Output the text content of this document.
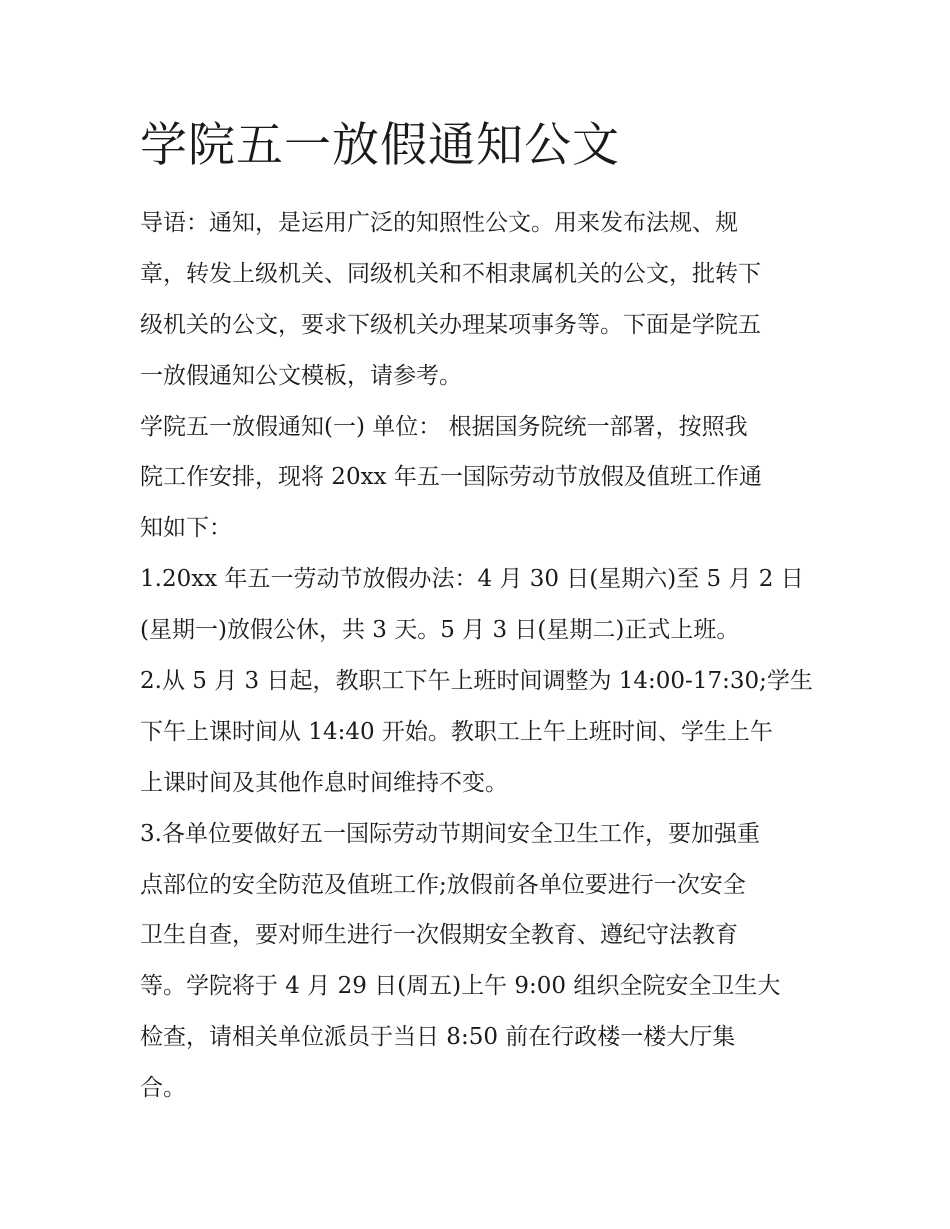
学院五一放假通知公文
导语：通知，是运用广泛的知照性公文。用来发布法规、规
章，转发上级机关、同级机关和不相隶属机关的公文，批转下
级机关的公文，要求下级机关办理某项事务等。下面是学院五
一放假通知公文模板，请参考。
学院五一放假通知(一) 单位： 根据国务院统一部署，按照我
院工作安排，现将 20xx 年五一国际劳动节放假及值班工作通
知如下：
1.20xx 年五一劳动节放假办法：4 月 30 日(星期六)至 5 月 2 日
(星期一)放假公休，共 3 天。5 月 3 日(星期二)正式上班。
2.从 5 月 3 日起，教职工下午上班时间调整为 14:00-17:30;学生
下午上课时间从 14:40 开始。教职工上午上班时间、学生上午
上课时间及其他作息时间维持不变。
3.各单位要做好五一国际劳动节期间安全卫生工作，要加强重
点部位的安全防范及值班工作;放假前各单位要进行一次安全
卫生自查，要对师生进行一次假期安全教育、遵纪守法教育
等。学院将于 4 月 29 日(周五)上午 9:00 组织全院安全卫生大
检查，请相关单位派员于当日 8:50 前在行政楼一楼大厅集
合。
